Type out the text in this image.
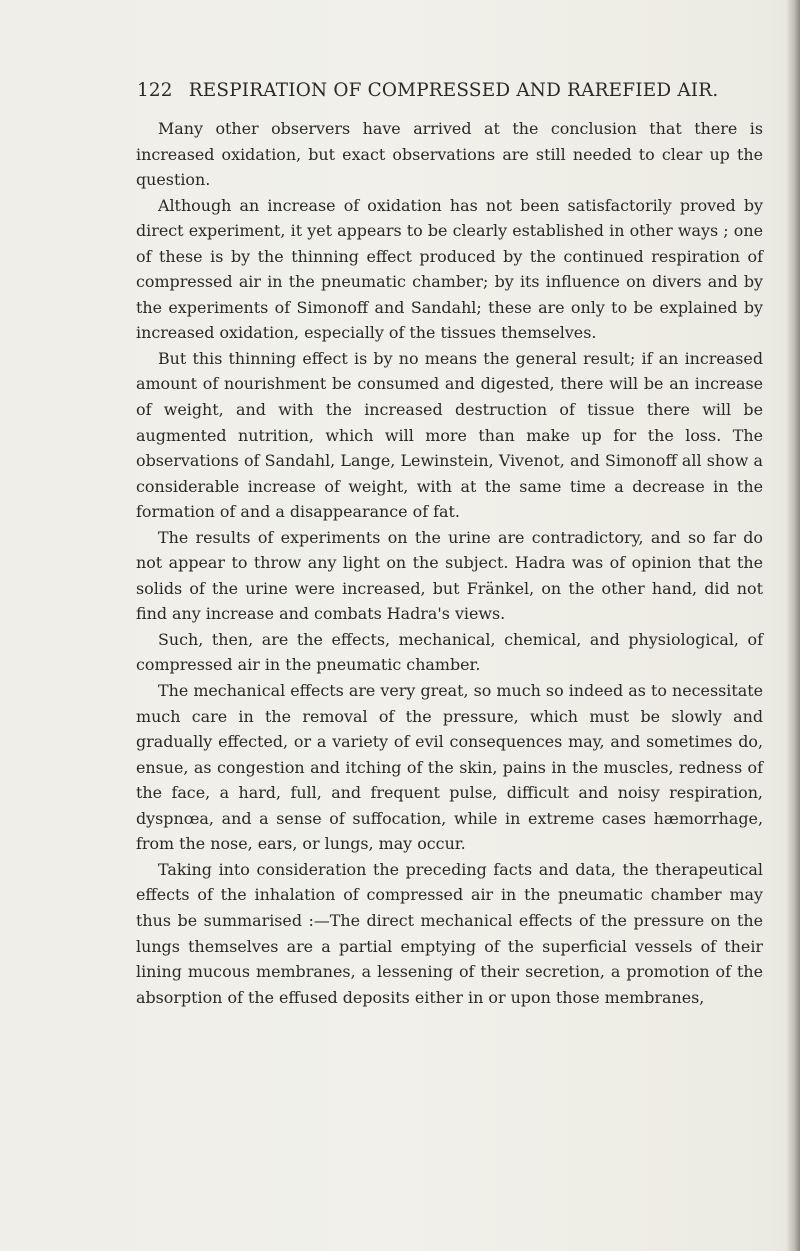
122 RESPIRATION OF COMPRESSED AND RAREFIED AIR.

Many other observers have arrived at the conclusion that there is increased oxidation, but exact observations are still needed to clear up the question.

Although an increase of oxidation has not been satisfactorily proved by direct experiment, it yet appears to be clearly established in other ways ; one of these is by the thinning effect produced by the continued respiration of compressed air in the pneumatic chamber; by its influence on divers and by the experiments of Simonoff and Sandahl; these are only to be explained by increased oxidation, especially of the tissues themselves.

But this thinning effect is by no means the general result; if an increased amount of nourishment be consumed and digested, there will be an increase of weight, and with the increased destruction of tissue there will be augmented nutrition, which will more than make up for the loss. The observations of Sandahl, Lange, Lewinstein, Vivenot, and Simonoff all show a considerable increase of weight, with at the same time a decrease in the formation of and a disappearance of fat.

The results of experiments on the urine are contradictory, and so far do not appear to throw any light on the subject. Hadra was of opinion that the solids of the urine were increased, but Fränkel, on the other hand, did not find any increase and combats Hadra's views.

Such, then, are the effects, mechanical, chemical, and physiological, of compressed air in the pneumatic chamber.

The mechanical effects are very great, so much so indeed as to necessitate much care in the removal of the pressure, which must be slowly and gradually effected, or a variety of evil consequences may, and sometimes do, ensue, as congestion and itching of the skin, pains in the muscles, redness of the face, a hard, full, and frequent pulse, difficult and noisy respiration, dyspnœa, and a sense of suffocation, while in extreme cases hæmorrhage, from the nose, ears, or lungs, may occur.

Taking into consideration the preceding facts and data, the therapeutical effects of the inhalation of compressed air in the pneumatic chamber may thus be summarised :—The direct mechanical effects of the pressure on the lungs themselves are a partial emptying of the superficial vessels of their lining mucous membranes, a lessening of their secretion, a promotion of the absorption of the effused deposits either in or upon those membranes,
